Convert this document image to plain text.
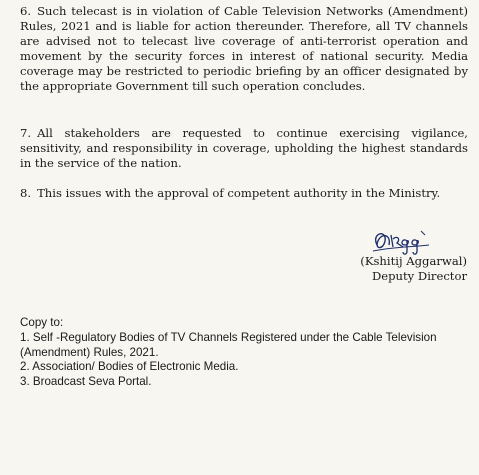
6. Such telecast is in violation of Cable Television Networks (Amendment) Rules, 2021 and is liable for action thereunder. Therefore, all TV channels are advised not to telecast live coverage of anti-terrorist operation and movement by the security forces in interest of national security. Media coverage may be restricted to periodic briefing by an officer designated by the appropriate Government till such operation concludes.
7. All stakeholders are requested to continue exercising vigilance, sensitivity, and responsibility in coverage, upholding the highest standards in the service of the nation.
8. This issues with the approval of competent authority in the Ministry.
(Kshitij Aggarwal)
Deputy Director
Copy to:
1. Self -Regulatory Bodies of TV Channels Registered under the Cable Television (Amendment) Rules, 2021.
2. Association/ Bodies of Electronic Media.
3. Broadcast Seva Portal.
